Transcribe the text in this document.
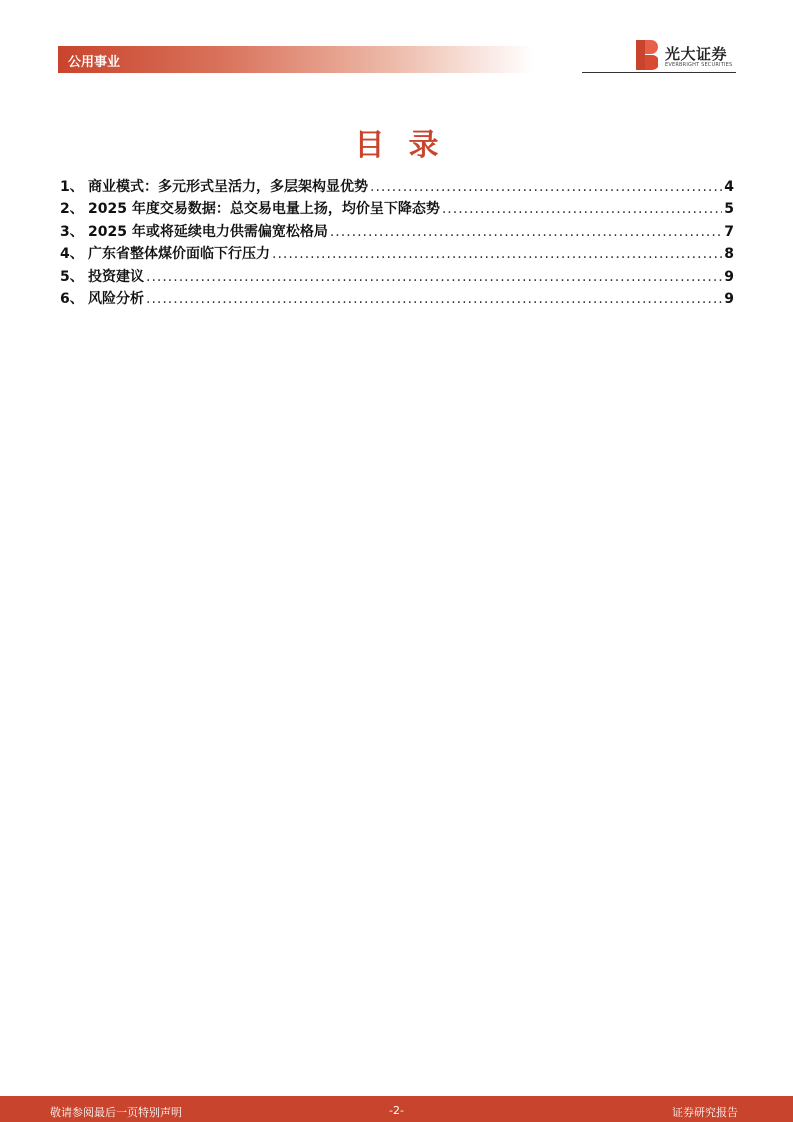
公用事业	光大证券
EVERBRIGHT SECURITIES
目录
1、 商业模式：多元形式呈活力，多层架构显优势 .....	4
2、 2025 年度交易数据：总交易电量上扬，均价呈下降态势 .....	5
3、 2025 年或将延续电力供需偏宽松格局 .....	7
4、 广东省整体煤价面临下行压力 .....	8
5、 投资建议 .....	9
6、 风险分析 .....	9
敬请参阅最后一页特别声明	-2-	证券研究报告
